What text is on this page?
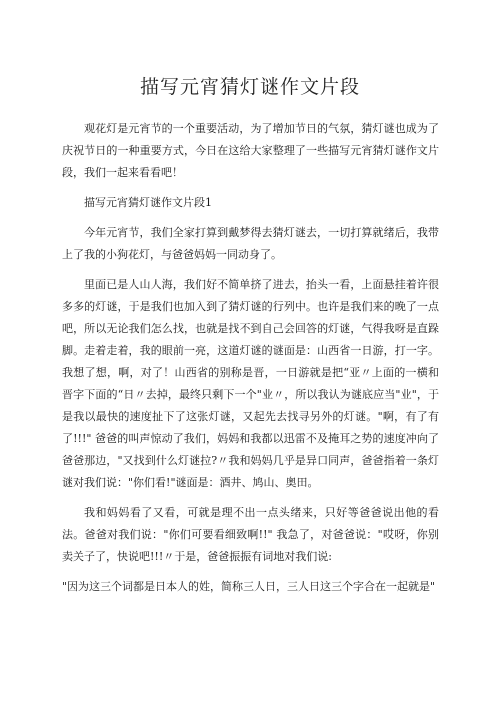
描写元宵猜灯谜作文片段

观花灯是元宵节的一个重要活动，为了增加节日的气氛，猜灯谜也成为了庆祝节日的一种重要方式，今日在这给大家整理了一些描写元宵猜灯谜作文片段，我们一起来看看吧！

描写元宵猜灯谜作文片段1

今年元宵节，我们全家打算到戴梦得去猜灯谜去，一切打算就绪后，我带上了我的小狗花灯，与爸爸妈妈一同动身了。

里面已是人山人海，我们好不简单挤了进去，抬头一看，上面悬挂着许很多多的灯谜，于是我们也加入到了猜灯谜的行列中。也许是我们来的晚了一点吧，所以无论我们怎么找，也就是找不到自己会回答的灯谜，气得我呀是直跺脚。走着走着，我的眼前一亮，这道灯谜的谜面是：山西省一日游，打一字。我想了想，啊，对了！山西省的别称是晋，一日游就是把“亚〃上面的一横和晋字下面的“日〃去掉，最终只剩下一个"业〃，所以我认为谜底应当"业"，于是我以最快的速度扯下了这张灯谜，又起先去找寻另外的灯谜。"啊，有了有了!!!" 爸爸的叫声惊动了我们，妈妈和我都以迅雷不及掩耳之势的速度冲向了爸爸那边，"又找到什么灯谜拉?〃我和妈妈几乎是异口同声，爸爸指着一条灯谜对我们说："你们看!"谜面是：酒井、鸠山、奥田。

我和妈妈看了又看，可就是理不出一点头绪来，只好等爸爸说出他的看法。爸爸对我们说："你们可要看细致啊!!" 我急了，对爸爸说："哎呀，你别卖关子了，快说吧!!!〃于是，爸爸振振有词地对我们说:

"因为这三个词都是日本人的姓，简称三人日，三人日这三个字合在一起就是"
